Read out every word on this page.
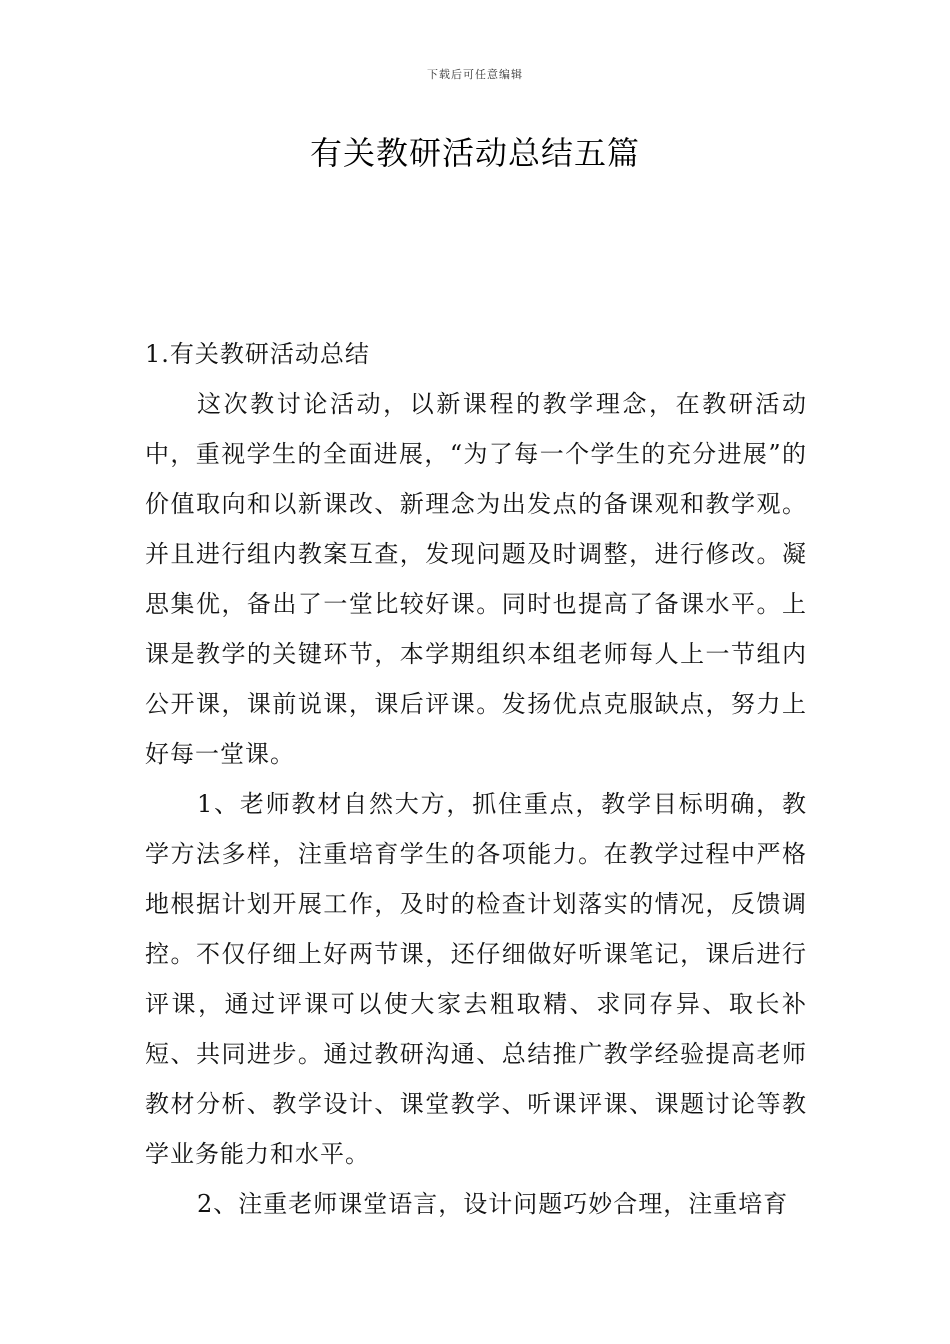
下载后可任意编辑
有关教研活动总结五篇

1.有关教研活动总结

这次教讨论活动，以新课程的教学理念，在教研活动中，重视学生的全面进展，“为了每一个学生的充分进展”的价值取向和以新课改、新理念为出发点的备课观和教学观。并且进行组内教案互查，发现问题及时调整，进行修改。凝思集优，备出了一堂比较好课。同时也提高了备课水平。上课是教学的关键环节，本学期组织本组老师每人上一节组内公开课，课前说课，课后评课。发扬优点克服缺点，努力上好每一堂课。

1、老师教材自然大方，抓住重点，教学目标明确，教学方法多样，注重培育学生的各项能力。在教学过程中严格地根据计划开展工作，及时的检查计划落实的情况，反馈调控。不仅仔细上好两节课，还仔细做好听课笔记，课后进行评课，通过评课可以使大家去粗取精、求同存异、取长补短、共同进步。通过教研沟通、总结推广教学经验提高老师教材分析、教学设计、课堂教学、听课评课、课题讨论等教学业务能力和水平。

2、注重老师课堂语言，设计问题巧妙合理，注重培育
